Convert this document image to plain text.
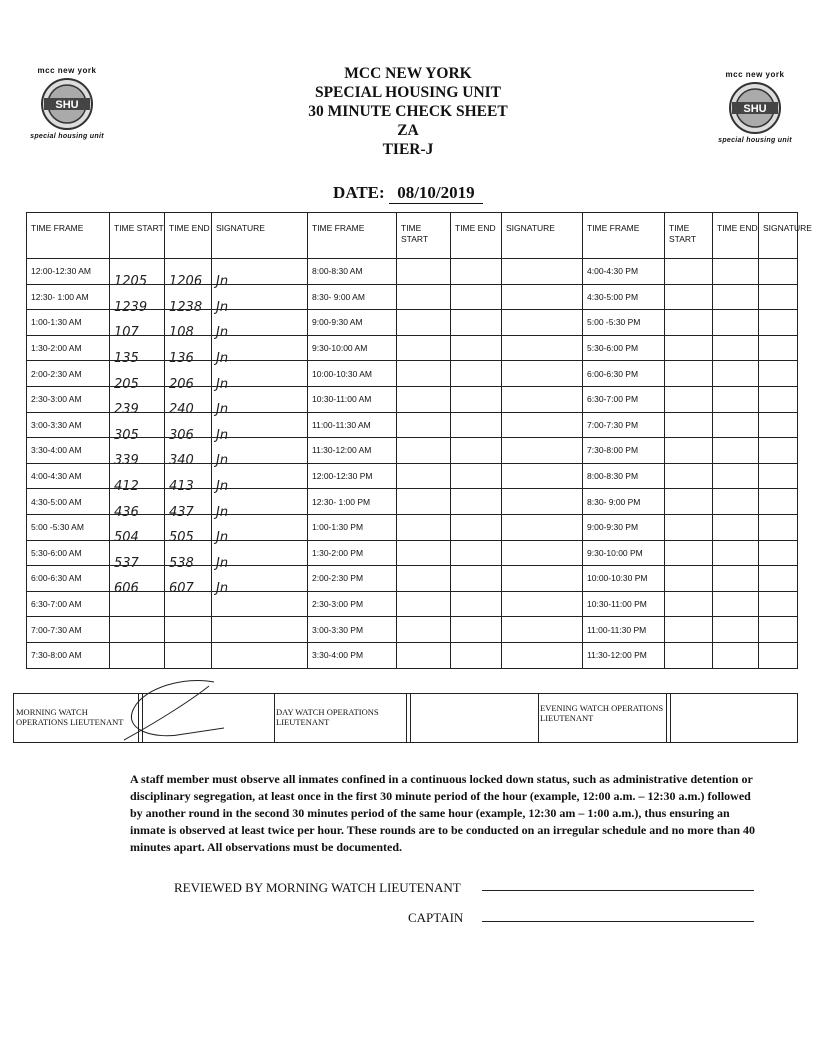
mcc new york
SHU
special housing unit
mcc new york
SHU
special housing unit
MCC NEW YORK
SPECIAL HOUSING UNIT
30 MINUTE CHECK SHEET
ZA
TIER-J
DATE: 08/10/2019
TIME FRAME	TIME START	TIME END	SIGNATURE	TIME FRAME	TIME START	TIME END	SIGNATURE	TIME FRAME	TIME START	TIME END	SIGNATURE
12:00-12:30 AM	1205	1206	Jn	8:00-8:30 AM				4:00-4:30 PM			
12:30- 1:00 AM	1239	1238	Jn	8:30- 9:00 AM				4:30-5:00 PM			
1:00-1:30 AM	107	108	Jn	9:00-9:30 AM				5:00 -5:30 PM			
1:30-2:00 AM	135	136	Jn	9:30-10:00 AM				5:30-6:00 PM			
2:00-2:30 AM	205	206	Jn	10:00-10:30 AM				6:00-6:30 PM			
2:30-3:00 AM	239	240	Jn	10:30-11:00 AM				6:30-7:00 PM			
3:00-3:30 AM	305	306	Jn	11:00-11:30 AM				7:00-7:30 PM			
3:30-4:00 AM	339	340	Jn	11:30-12:00 AM				7:30-8:00 PM			
4:00-4:30 AM	412	413	Jn	12:00-12:30 PM				8:00-8:30 PM			
4:30-5:00 AM	436	437	Jn	12:30- 1:00 PM				8:30- 9:00 PM			
5:00 -5:30 AM	504	505	Jn	1:00-1:30 PM				9:00-9:30 PM			
5:30-6:00 AM	537	538	Jn	1:30-2:00 PM				9:30-10:00 PM			
6:00-6:30 AM	606	607	Jn	2:00-2:30 PM				10:00-10:30 PM			
6:30-7:00 AM				2:30-3:00 PM				10:30-11:00 PM			
7:00-7:30 AM				3:00-3:30 PM				11:00-11:30 PM			
7:30-8:00 AM				3:30-4:00 PM				11:30-12:00 PM			
MORNING WATCH OPERATIONS LIEUTENANT
DAY WATCH OPERATIONS LIEUTENANT
EVENING WATCH OPERATIONS LIEUTENANT
A staff member must observe all inmates confined in a continuous locked down status, such as administrative detention or disciplinary segregation, at least once in the first 30 minute period of the hour (example, 12:00 a.m. – 12:30 a.m.) followed by another round in the second 30 minutes period of the same hour (example, 12:30 am – 1:00 a.m.), thus ensuring an inmate is observed at least twice per hour. These rounds are to be conducted on an irregular schedule and no more than 40 minutes apart. All observations must be documented.
REVIEWED BY MORNING WATCH LIEUTENANT
CAPTAIN
